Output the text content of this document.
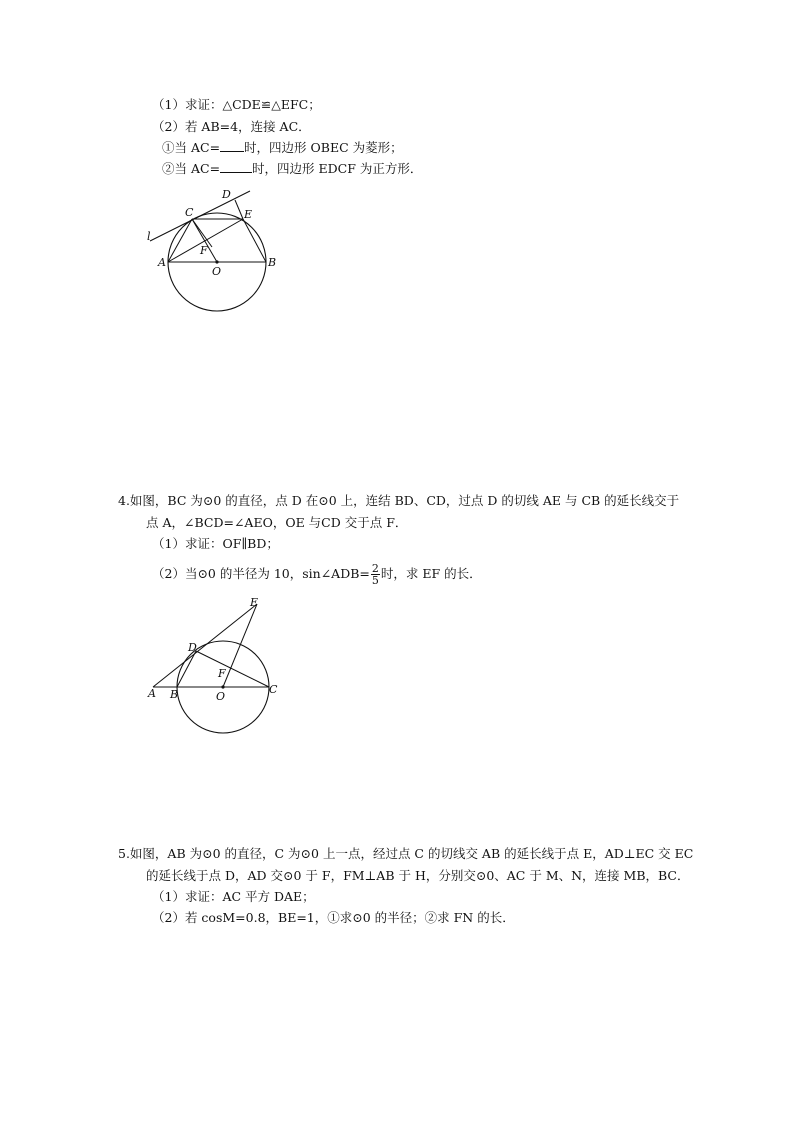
（1）求证：△CDE≌△EFC；
（2）若 AB=4，连接 AC．
①当 AC= 时，四边形 OBEC 为菱形；
②当 AC=	时，四边形 EDCF 为正方形．
D
C	E
l
F
A
O
B
4.如图，BC 为⊙0 的直径，点 D 在⊙0 上，连结 BD、CD，过点 D 的切线 AE 与 CB 的延长线交于
点 A，∠BCD=∠AEO，OE 与CD 交于点 F．
（1）求证：OF∥BD；
（2）当⊙0 的半径为 10，sin∠ADB= $\frac{2}{5}$ 时，求 EF 的长．
E
D
F
A B	O
C
5.如图，AB 为⊙0 的直径，C 为⊙0 上一点，经过点 C 的切线交 AB 的延长线于点 E，AD⊥EC 交 EC
的延长线于点 D，AD 交⊙0 于 F，FM⊥AB 于 H，分别交⊙0、AC 于 M、N，连接 MB，BC．
（1）求证：AC 平方 DAE；
（2）若 cosM=0.8，BE=1，①求⊙0 的半径；②求 FN 的长．
